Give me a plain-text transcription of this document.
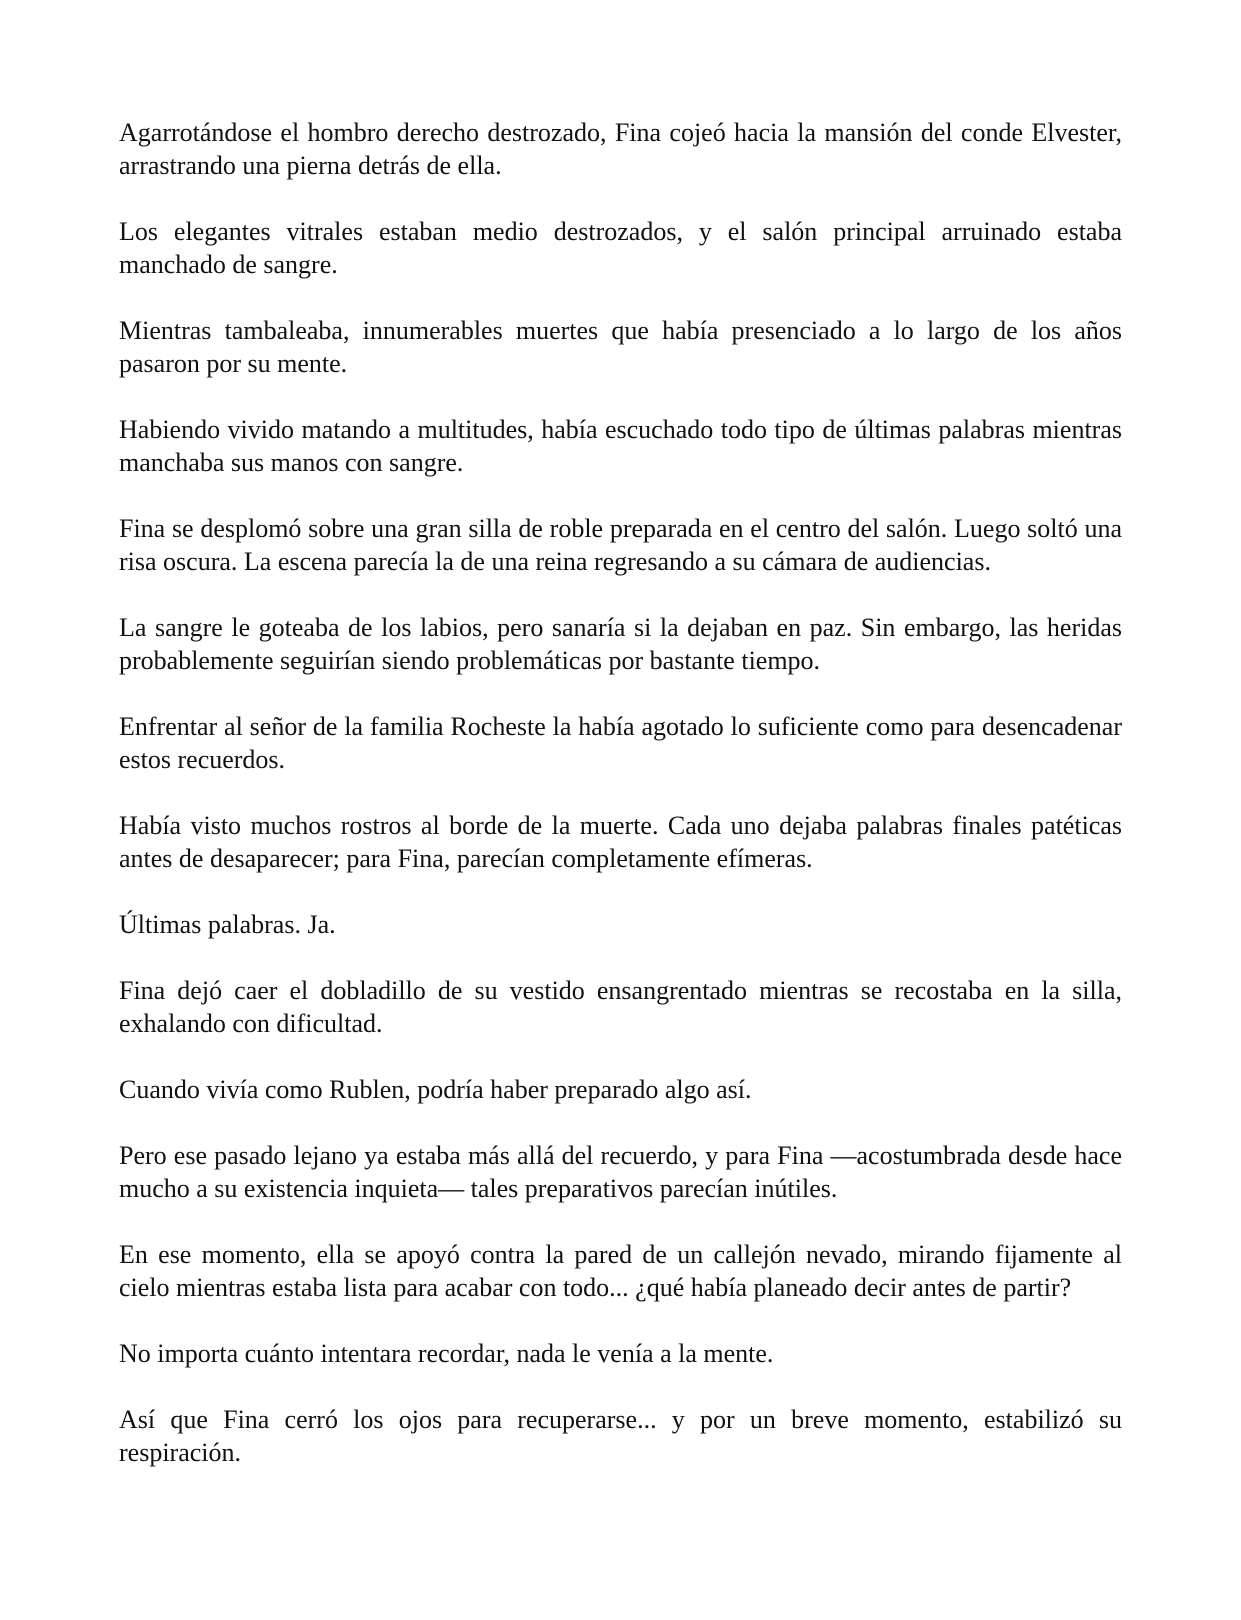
Agarrotándose el hombro derecho destrozado, Fina cojeó hacia la mansión del conde Elvester, arrastrando una pierna detrás de ella.

Los elegantes vitrales estaban medio destrozados, y el salón principal arruinado estaba manchado de sangre.

Mientras tambaleaba, innumerables muertes que había presenciado a lo largo de los años pasaron por su mente.

Habiendo vivido matando a multitudes, había escuchado todo tipo de últimas palabras mientras manchaba sus manos con sangre.

Fina se desplomó sobre una gran silla de roble preparada en el centro del salón. Luego soltó una risa oscura. La escena parecía la de una reina regresando a su cámara de audiencias.

La sangre le goteaba de los labios, pero sanaría si la dejaban en paz. Sin embargo, las heridas probablemente seguirían siendo problemáticas por bastante tiempo.

Enfrentar al señor de la familia Rocheste la había agotado lo suficiente como para desencadenar estos recuerdos.

Había visto muchos rostros al borde de la muerte. Cada uno dejaba palabras finales patéticas antes de desaparecer; para Fina, parecían completamente efímeras.

Últimas palabras. Ja.

Fina dejó caer el dobladillo de su vestido ensangrentado mientras se recostaba en la silla, exhalando con dificultad.

Cuando vivía como Rublen, podría haber preparado algo así.

Pero ese pasado lejano ya estaba más allá del recuerdo, y para Fina —acostumbrada desde hace mucho a su existencia inquieta— tales preparativos parecían inútiles.

En ese momento, ella se apoyó contra la pared de un callejón nevado, mirando fijamente al cielo mientras estaba lista para acabar con todo... ¿qué había planeado decir antes de partir?

No importa cuánto intentara recordar, nada le venía a la mente.

Así que Fina cerró los ojos para recuperarse... y por un breve momento, estabilizó su respiración.
